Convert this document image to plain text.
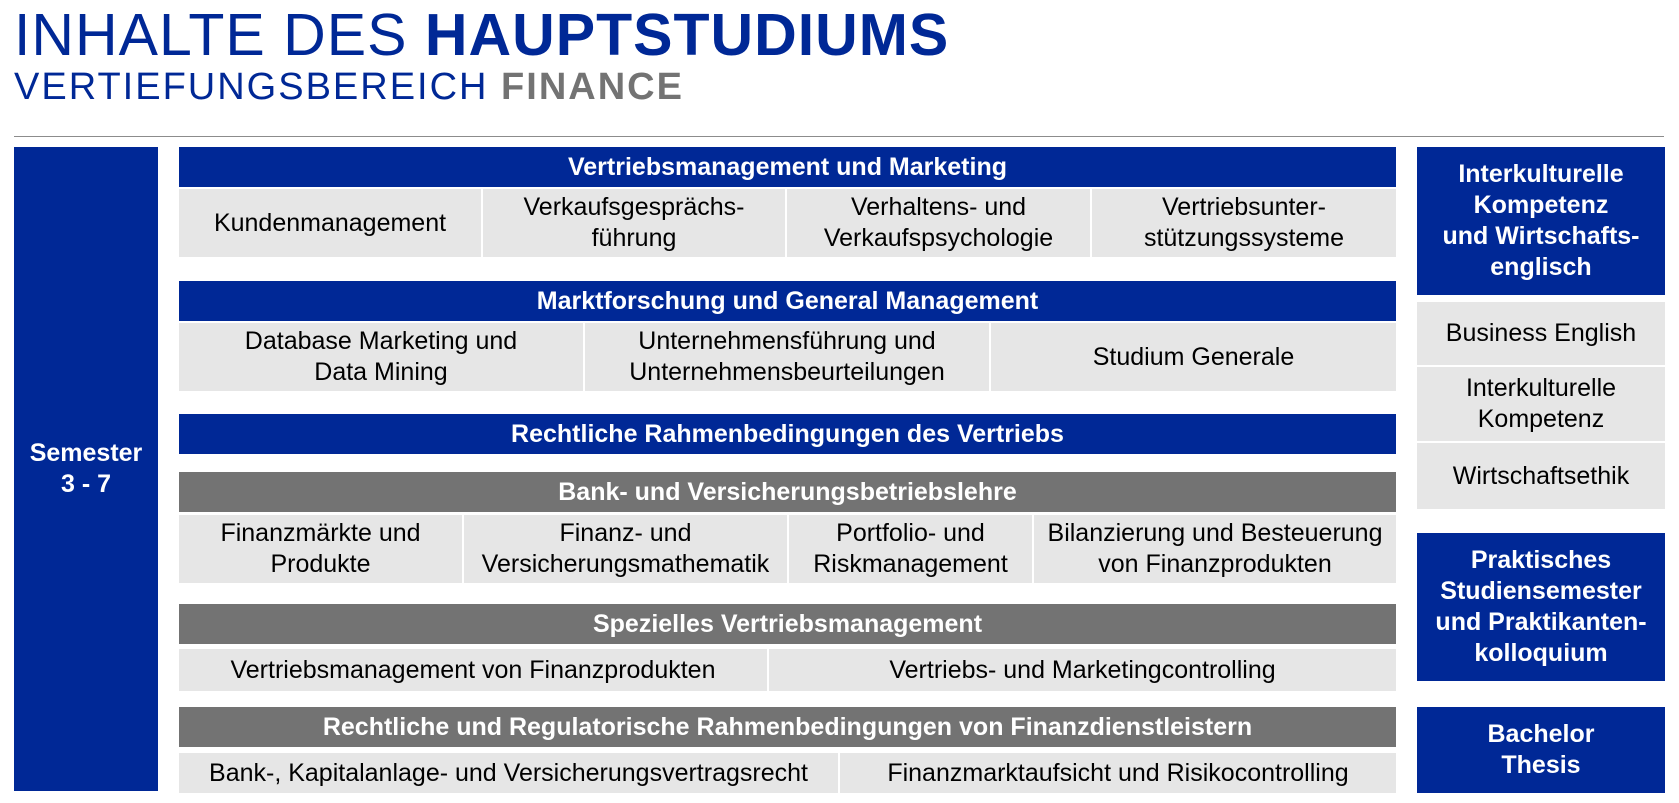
INHALTE DES HAUPTSTUDIUMS
VERTIEFUNGSBEREICH FINANCE
Semester
3 - 7
Vertriebsmanagement und Marketing
Kundenmanagement
Verkaufsgesprächs-
führung
Verhaltens- und
Verkaufspsychologie
Vertriebsunter-
stützungssysteme
Marktforschung und General Management
Database Marketing und
Data Mining
Unternehmensführung und
Unternehmensbeurteilungen
Studium Generale
Rechtliche Rahmenbedingungen des Vertriebs
Bank- und Versicherungsbetriebslehre
Finanzmärkte und
Produkte
Finanz- und
Versicherungsmathematik
Portfolio- und
Riskmanagement
Bilanzierung und Besteuerung
von Finanzprodukten
Spezielles Vertriebsmanagement
Vertriebsmanagement von Finanzprodukten	Vertriebs- und Marketingcontrolling
Rechtliche und Regulatorische Rahmenbedingungen von Finanzdienstleistern
Bank-, Kapitalanlage- und Versicherungsvertragsrecht	Finanzmarktaufsicht und Risikocontrolling
Interkulturelle
Kompetenz
und Wirtschafts-
englisch
Business English
Interkulturelle
Kompetenz
Wirtschaftsethik
Praktisches
Studiensemester
und Praktikanten-
kolloquium
Bachelor
Thesis
